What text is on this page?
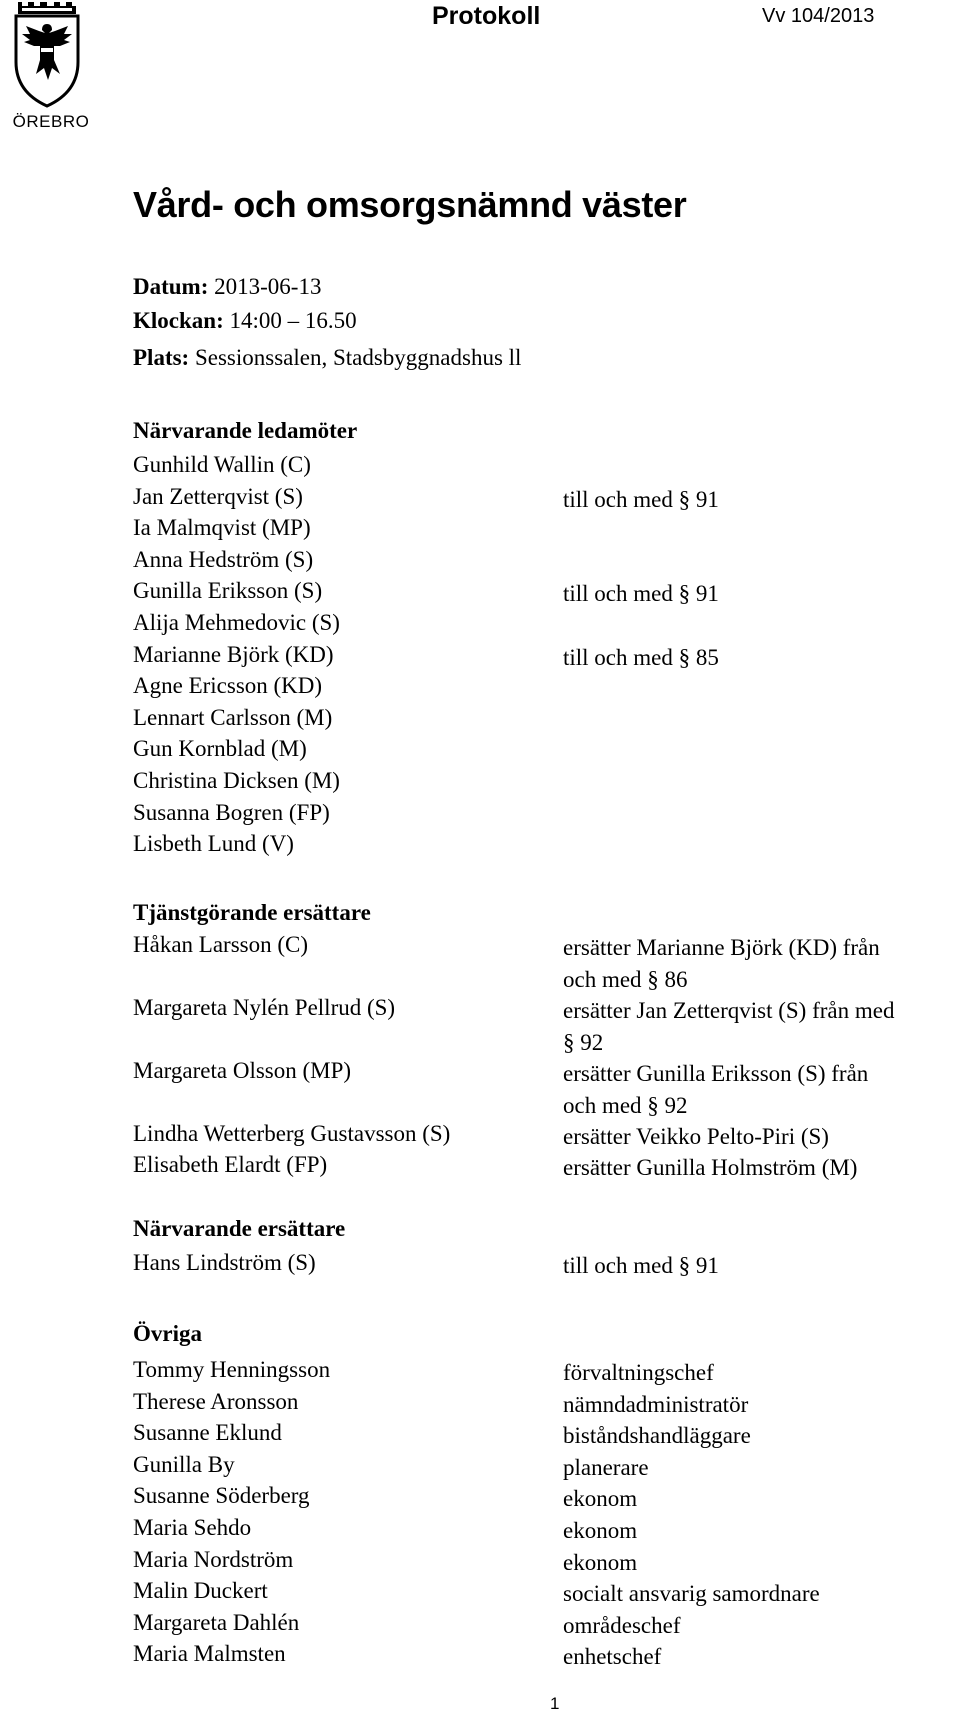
ÖREBRO
Protokoll	Vv 104/2013
Vård- och omsorgsnämnd väster
Datum: 2013-06-13
Klockan: 14:00 – 16.50
Plats: Sessionssalen, Stadsbyggnadshus ll
Närvarande ledamöter
Gunhild Wallin (C)
Jan Zetterqvist (S)	till och med § 91
Ia Malmqvist (MP)
Anna Hedström (S)
Gunilla Eriksson (S)	till och med § 91
Alija Mehmedovic (S)
Marianne Björk (KD)	till och med § 85
Agne Ericsson (KD)
Lennart Carlsson (M)
Gun Kornblad (M)
Christina Dicksen (M)
Susanna Bogren (FP)
Lisbeth Lund (V)
Tjänstgörande ersättare
Håkan Larsson (C)	ersätter Marianne Björk (KD) från
och med § 86
Margareta Nylén Pellrud (S)	ersätter Jan Zetterqvist (S) från med
§ 92
Margareta Olsson (MP)	ersätter Gunilla Eriksson (S) från
och med § 92
Lindha Wetterberg Gustavsson (S)	ersätter Veikko Pelto-Piri (S)
Elisabeth Elardt (FP)	ersätter Gunilla Holmström (M)
Närvarande ersättare
Hans Lindström (S)	till och med § 91
Övriga
Tommy Henningsson	förvaltningschef
Therese Aronsson	nämndadministratör
Susanne Eklund	biståndshandläggare
Gunilla By	planerare
Susanne Söderberg	ekonom
Maria Sehdo	ekonom
Maria Nordström	ekonom
Malin Duckert	socialt ansvarig samordnare
Margareta Dahlén	områdeschef
Maria Malmsten	enhetschef
1
